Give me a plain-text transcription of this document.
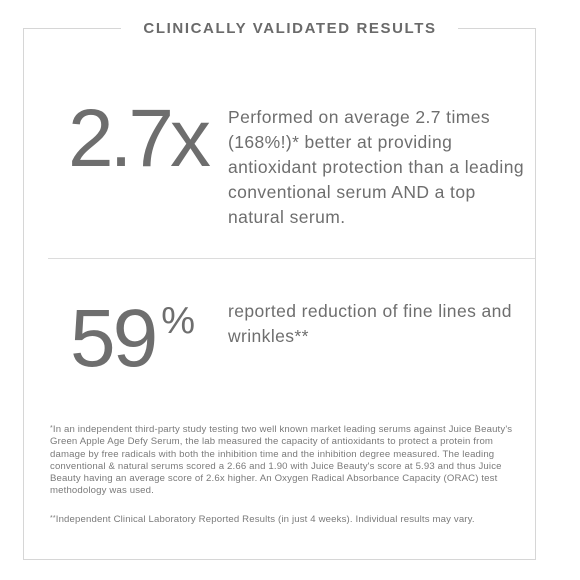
CLINICALLY VALIDATED RESULTS
2.7x Performed on average 2.7 times (168%!)* better at providing antioxidant protection than a leading conventional serum AND a top natural serum.
59 % reported reduction of fine lines and wrinkles**
*In an independent third-party study testing two well known market leading serums against Juice Beauty's Green Apple Age Defy Serum, the lab measured the capacity of antioxidants to protect a protein from damage by free radicals with both the inhibition time and the inhibition degree measured. The leading conventional & natural serums scored a 2.66 and 1.90 with Juice Beauty's score at 5.93 and thus Juice Beauty having an average score of 2.6x higher. An Oxygen Radical Absorbance Capacity (ORAC) test methodology was used.
**Independent Clinical Laboratory Reported Results (in just 4 weeks). Individual results may vary.
